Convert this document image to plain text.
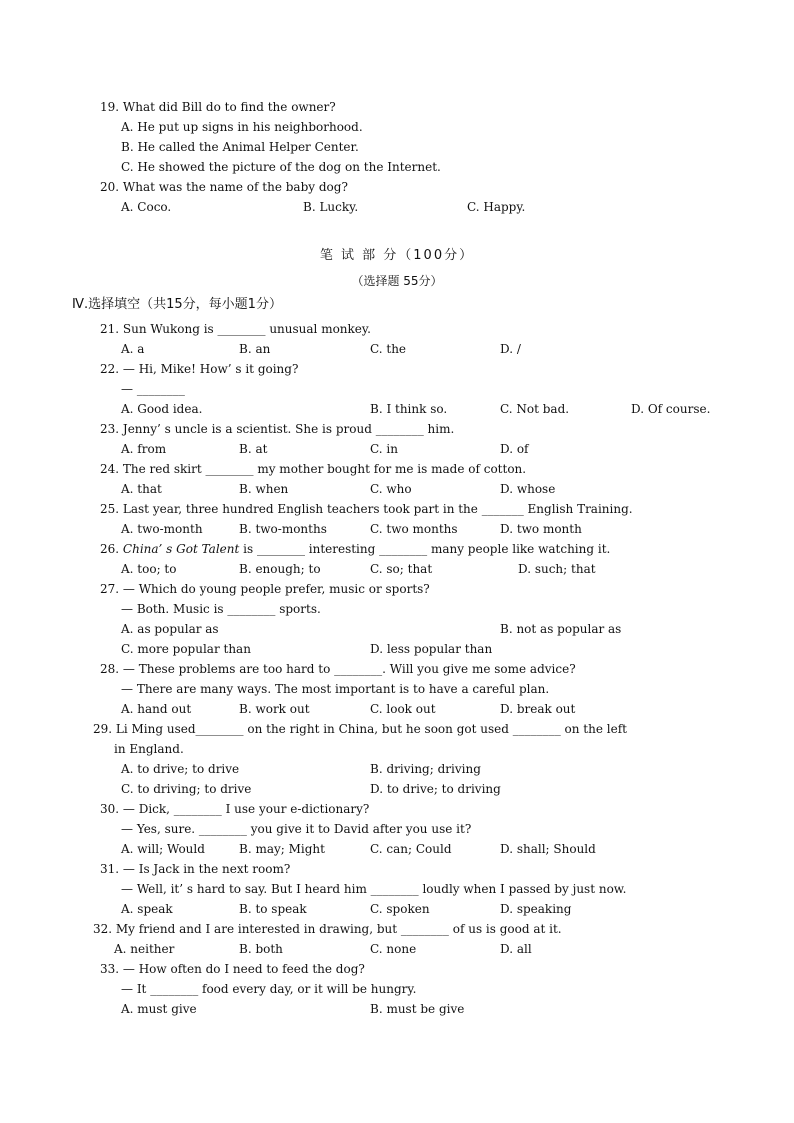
19. What did Bill do to find the owner?
A. He put up signs in his neighborhood.
B. He called the Animal Helper Center.
C. He showed the picture of the dog on the Internet.
20. What was the name of the baby dog?
A. Coco.	B. Lucky.	C. Happy.
笔 试 部 分（100分）
（选择题 55分）
Ⅳ.选择填空（共15分，每小题1分）
21. Sun Wukong is ________ unusual monkey.
A. a	B. an	C. the	D. /
22. — Hi, Mike! How’ s it going?
— ________
A. Good idea.	B. I think so.	C. Not bad.	D. Of course.
23. Jenny’ s uncle is a scientist. She is proud ________ him.
A. from	B. at	C. in	D. of
24. The red skirt ________ my mother bought for me is made of cotton.
A. that	B. when	C. who	D. whose
25. Last year, three hundred English teachers took part in the _______ English Training.
A. two-month	B. two-months	C. two months	D. two month
26. China’ s Got Talent is ________ interesting ________ many people like watching it.
A. too; to	B. enough; to	C. so; that	D. such; that
27. — Which do young people prefer, music or sports?
— Both. Music is ________ sports.
A. as popular as	B. not as popular as
C. more popular than	D. less popular than
28. — These problems are too hard to ________. Will you give me some advice?
— There are many ways. The most important is to have a careful plan.
A. hand out	B. work out	C. look out	D. break out
29. Li Ming used________ on the right in China, but he soon got used ________ on the left
in England.
A. to drive; to drive	B. driving; driving
C. to driving; to drive	D. to drive; to driving
30. — Dick, ________ I use your e-dictionary?
— Yes, sure. ________ you give it to David after you use it?
A. will; Would	B. may; Might	C. can; Could	D. shall; Should
31. — Is Jack in the next room?
— Well, it’ s hard to say. But I heard him ________ loudly when I passed by just now.
A. speak	B. to speak	C. spoken	D. speaking
32. My friend and I are interested in drawing, but ________ of us is good at it.
A. neither	B. both	C. none	D. all
33. — How often do I need to feed the dog?
— It ________ food every day, or it will be hungry.
A. must give	B. must be give
